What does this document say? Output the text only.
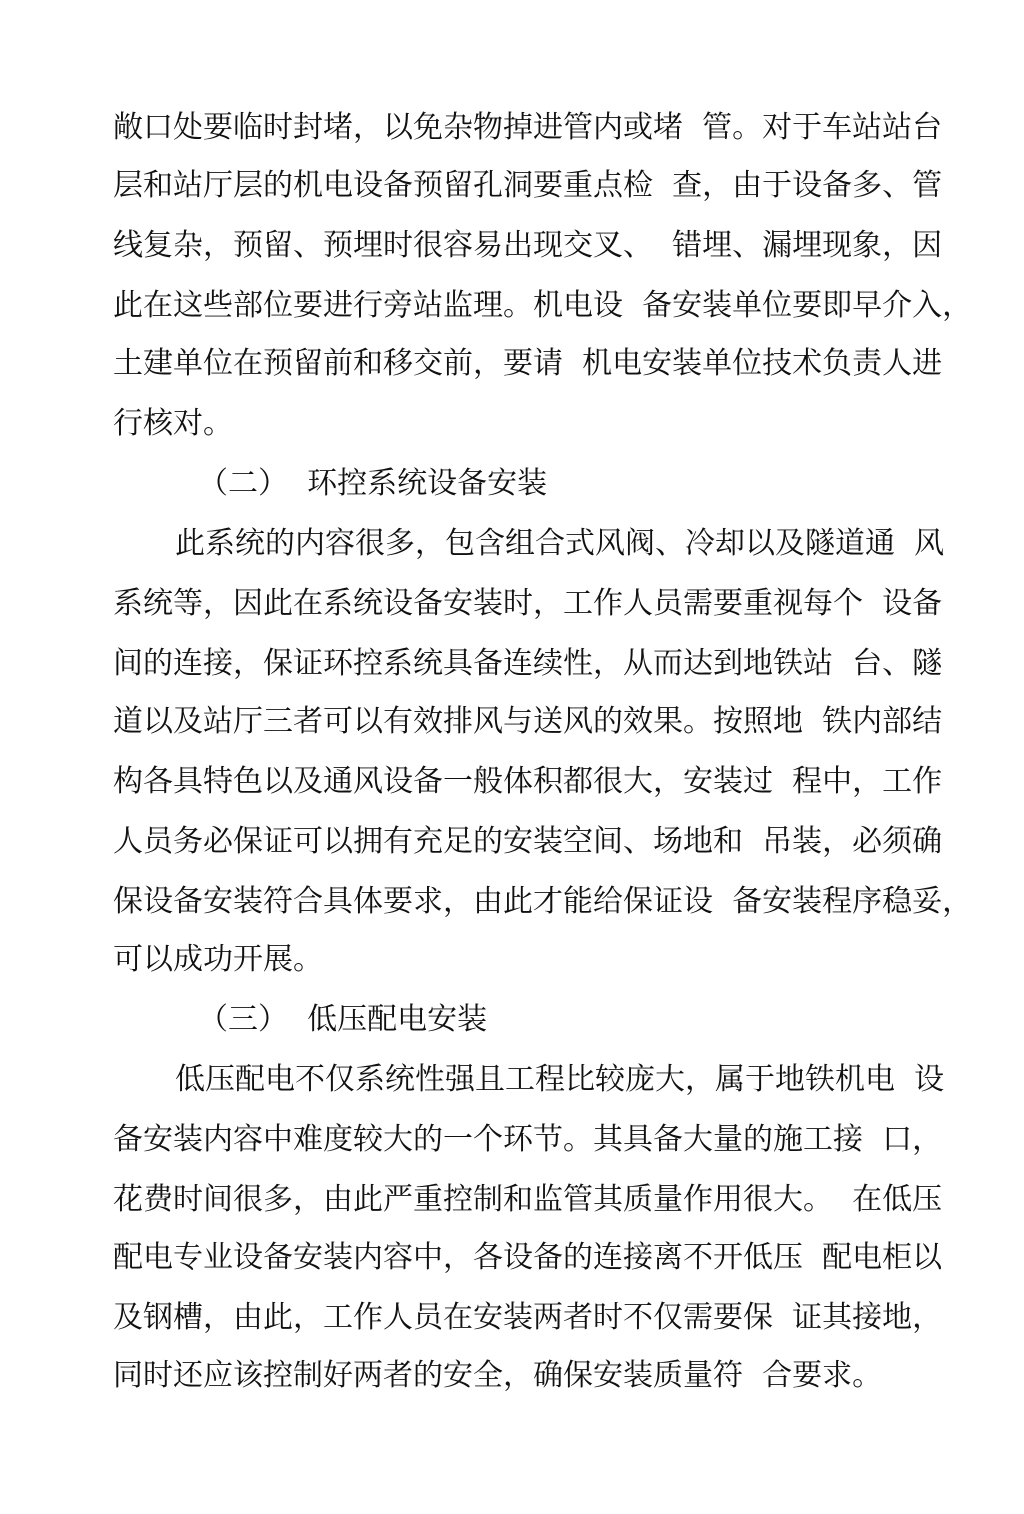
敞口处要临时封堵，以免杂物掉进管内或堵  管。对于车站站台
层和站厅层的机电设备预留孔洞要重点检  查，由于设备多、管
线复杂，预留、预埋时很容易出现交叉、  错埋、漏埋现象，因
此在这些部位要进行旁站监理。机电设  备安装单位要即早介入，
土建单位在预留前和移交前，要请  机电安装单位技术负责人进
行核对。
（二）  环控系统设备安装
此系统的内容很多，包含组合式风阀、冷却以及隧道通  风
系统等，因此在系统设备安装时，工作人员需要重视每个  设备
间的连接，保证环控系统具备连续性，从而达到地铁站  台、隧
道以及站厅三者可以有效排风与送风的效果。按照地  铁内部结
构各具特色以及通风设备一般体积都很大，安装过  程中，工作
人员务必保证可以拥有充足的安装空间、场地和  吊装，必须确
保设备安装符合具体要求，由此才能给保证设  备安装程序稳妥，
可以成功开展。
（三）  低压配电安装
低压配电不仅系统性强且工程比较庞大，属于地铁机电  设
备安装内容中难度较大的一个环节。其具备大量的施工接  口，
花费时间很多，由此严重控制和监管其质量作用很大。  在低压
配电专业设备安装内容中，各设备的连接离不开低压  配电柜以
及钢槽，由此，工作人员在安装两者时不仅需要保  证其接地，
同时还应该控制好两者的安全，确保安装质量符  合要求。
